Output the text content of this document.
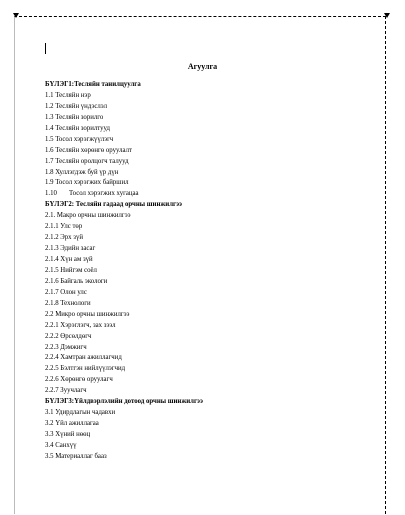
Агуулга
БҮЛЭГ1:Тесляйн танилцуулга
1.1 Тесляйн нэр
1.2 Тесляйн үндэслэл
1.3 Тесляйн зорилго
1.4 Тесляйн зорилтууд
1.5 Тосол хэрэгжүүлэгч
1.6 Тесляйн хөрөнгө оруулалт
1.7 Тесляйн оролцогч талууд
1.8 Хуллэгдэж буй үр дүн
1.9 Тосол хэрэгжих байршил
1.10 Тосол хэрэгжих хугацаа
БҮЛЭГ2: Тесляйн гадаад орчны шинжилгээ
2.1. Макро орчны шинжилгээ
2.1.1 Улс төр
2.1.2 Эрх зүй
2.1.3 Эдийн засаг
2.1.4 Хүн ам зүй
2.1.5 Нийгэм соёл
2.1.6 Байгаль экологи
2.1.7 Олон улс
2.1.8 Технологи
2.2 Микро орчны шинжилгээ
2.2.1 Хэрэглэгч, зах зээл
2.2.2 Өрсөлдөгч
2.2.3 Дэмжигч
2.2.4 Хамтран ажиллагчид
2.2.5 Бэлтгэн нийлүүлэгчид
2.2.6 Хөрөнгө оруулагч
2.2.7 Зуучлагч
БҮЛЭГ3:Үйлдвэрлэлийн дотоод орчны шинжилгээ
3.1 Удирдлагын чадавхи
3.2 Үйл ажиллагаа
3.3 Хүний нөөц
3.4 Санхүү
3.5 Материаллаг бааз
